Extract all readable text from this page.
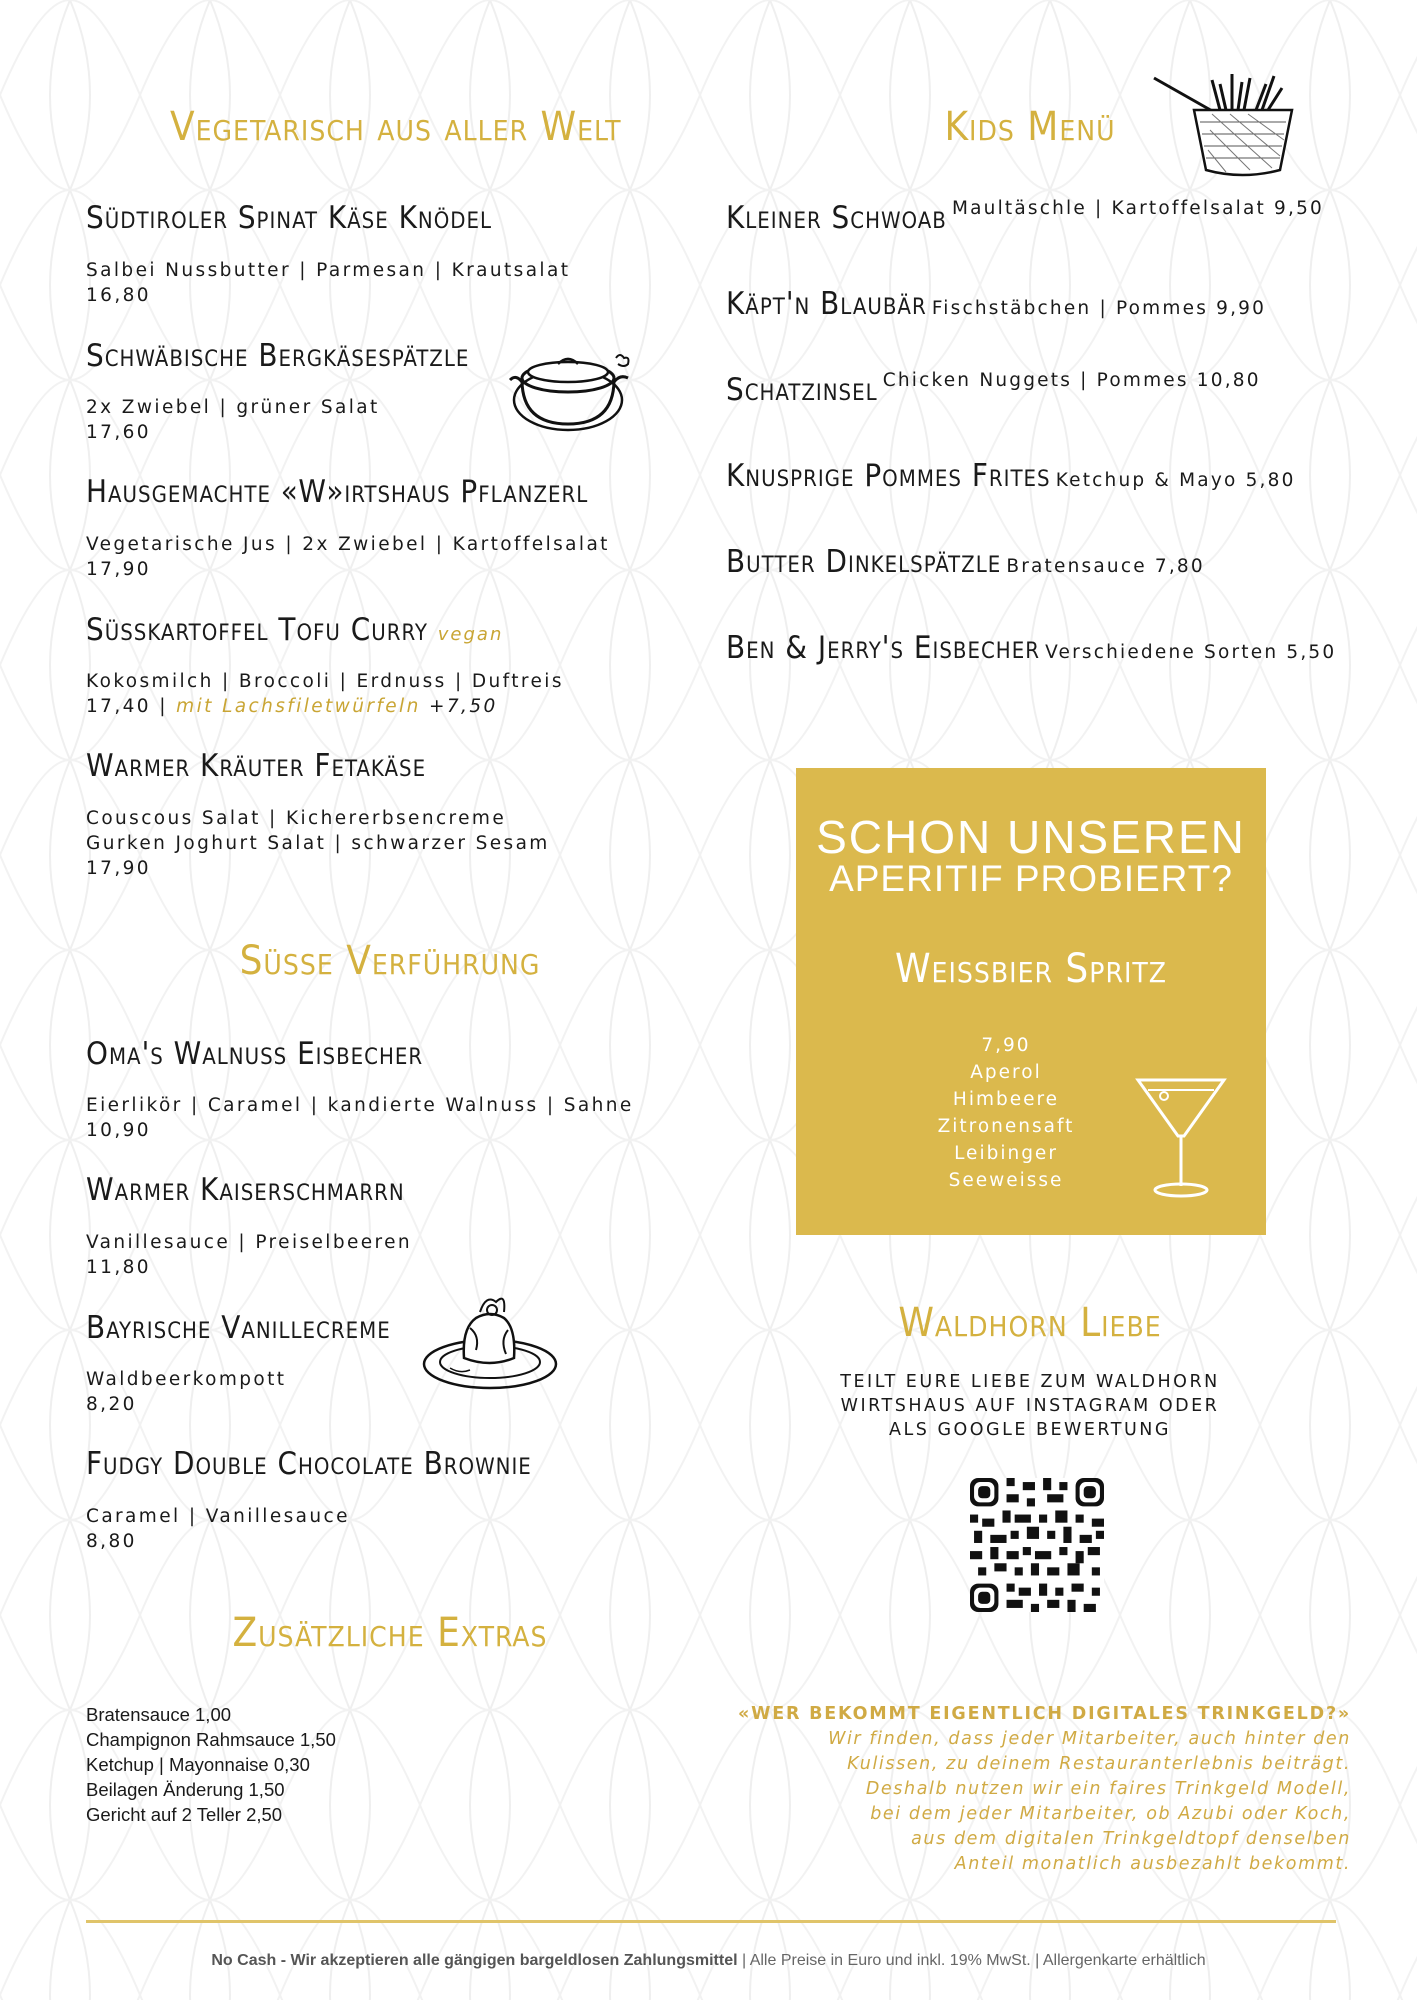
Vegetarisch aus aller Welt
Südtiroler Spinat Käse Knödel
Salbei Nussbutter | Parmesan | Krautsalat
16,80
Schwäbische Bergkäsespätzle
2x Zwiebel | grüner Salat
17,60
Hausgemachte «W»irtshaus Pflanzerl
Vegetarische Jus | 2x Zwiebel | Kartoffelsalat
17,90
Süsskartoffel Tofu Curry vegan
Kokosmilch | Broccoli | Erdnuss | Duftreis
17,40 | mit Lachsfiletwürfeln +7,50
Warmer Kräuter Fetakäse
Couscous Salat | Kichererbsencreme
Gurken Joghurt Salat | schwarzer Sesam
17,90
Süsse Verführung
Oma's Walnuss Eisbecher
Eierlikör | Caramel | kandierte Walnuss | Sahne
10,90
Warmer Kaiserschmarrn
Vanillesauce | Preiselbeeren
11,80
Bayrische Vanillecreme
Waldbeerkompott
8,20
Fudgy Double Chocolate Brownie
Caramel | Vanillesauce
8,80
Zusätzliche Extras
Bratensauce 1,00
Champignon Rahmsauce 1,50
Ketchup | Mayonnaise 0,30
Beilagen Änderung 1,50
Gericht auf 2 Teller 2,50
Kids Menü
Kleiner Schwoab Maultäschle | Kartoffelsalat 9,50
Käpt'n Blaubär Fischstäbchen | Pommes 9,90
Schatzinsel Chicken Nuggets | Pommes 10,80
Knusprige Pommes Frites Ketchup & Mayo 5,80
Butter Dinkelspätzle Bratensauce 7,80
Ben & Jerry's Eisbecher Verschiedene Sorten 5,50
SCHON UNSEREN
APERITIF PROBIERT?
Weissbier Spritz
7,90
Aperol
Himbeere
Zitronensaft
Leibinger Seeweisse
Waldhorn Liebe
TEILT EURE LIEBE ZUM WALDHORN
WIRTSHAUS AUF INSTAGRAM ODER
ALS GOOGLE BEWERTUNG
«WER BEKOMMT EIGENTLICH DIGITALES TRINKGELD?»
Wir finden, dass jeder Mitarbeiter, auch hinter den
Kulissen, zu deinem Restauranterlebnis beiträgt.
Deshalb nutzen wir ein faires Trinkgeld Modell,
bei dem jeder Mitarbeiter, ob Azubi oder Koch,
aus dem digitalen Trinkgeldtopf denselben
Anteil monatlich ausbezahlt bekommt.
No Cash - Wir akzeptieren alle gängigen bargeldlosen Zahlungsmittel | Alle Preise in Euro und inkl. 19% MwSt. | Allergenkarte erhältlich
